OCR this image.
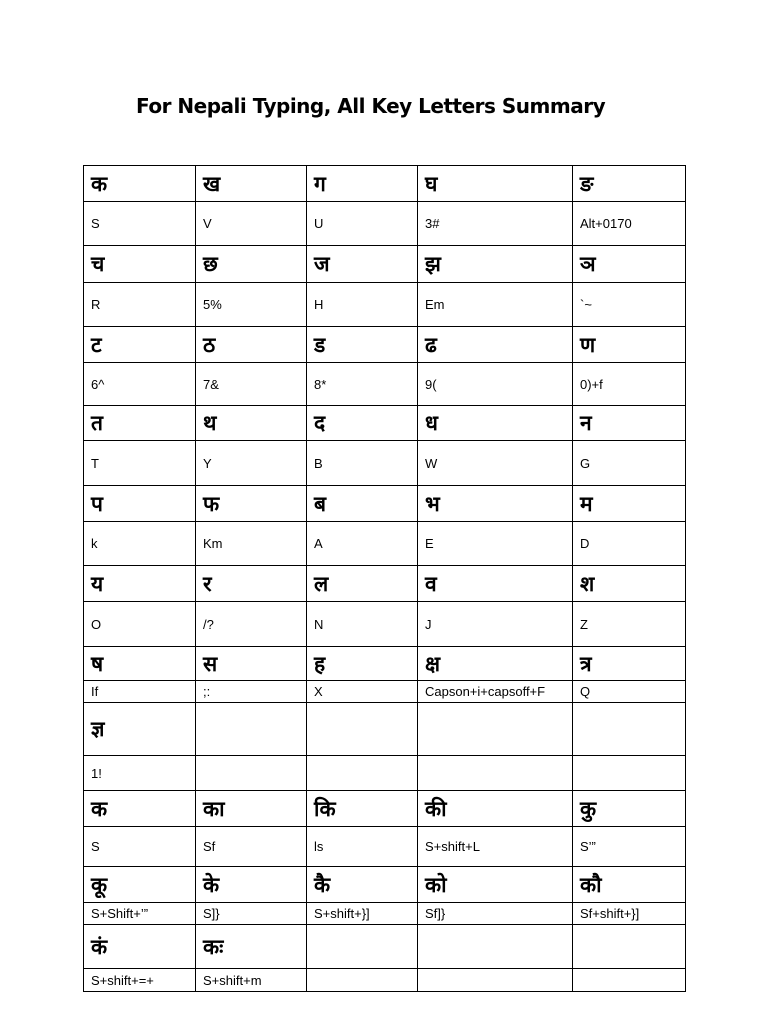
For Nepali Typing, All Key Letters Summary
क	ख	ग	घ	ङ
S	V	U	3#	Alt+0170
च	छ	ज	झ	ञ
R	5%	H	Em	`~
ट	ठ	ड	ढ	ण
6^	7&	8*	9(	0)+f
त	थ	द	ध	न
T	Y	B	W	G
प	फ	ब	भ	म
k	Km	A	E	D
य	र	ल	व	श
O	/?	N	J	Z
ष	स	ह	क्ष	त्र
If	;:	X	Capson+i+capsoff+F	Q
ज्ञ				
1!				
क	का	कि	की	कु
S	Sf	ls	S+shift+L	S’”
कू	के	कै	को	कौ
S+Shift+’”	S]}	S+shift+}]	Sf]}	Sf+shift+}]
कं	कः			
S+shift+=+	S+shift+m			
